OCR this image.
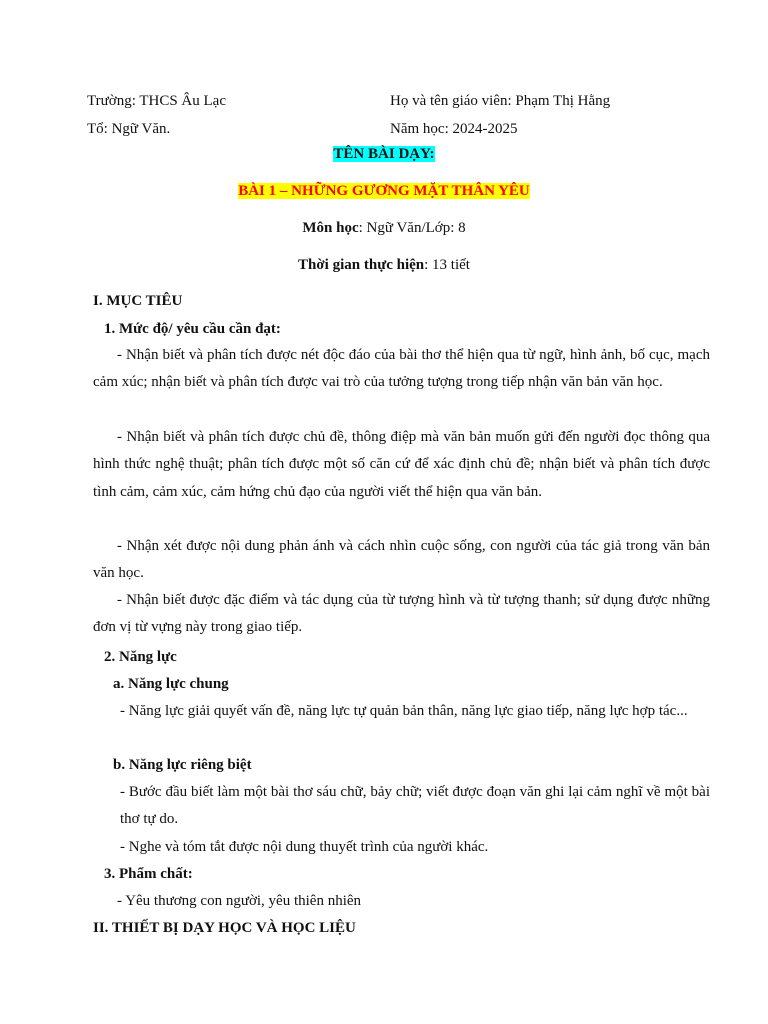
Trường: THCS Âu Lạc	Họ và tên giáo viên: Phạm Thị Hằng
Tổ: Ngữ Văn.	Năm học: 2024-2025
TÊN BÀI DẠY:
BÀI 1 – NHỮNG GƯƠNG MẶT THÂN YÊU
Môn học: Ngữ Văn/Lớp: 8
Thời gian thực hiện: 13 tiết
I. MỤC TIÊU
1. Mức độ/ yêu cầu cần đạt:
- Nhận biết và phân tích được nét độc đáo của bài thơ thể hiện qua từ ngữ, hình ảnh, bố cục, mạch cảm xúc; nhận biết và phân tích được vai trò của tưởng tượng trong tiếp nhận văn bản văn học.
- Nhận biết và phân tích được chủ đề, thông điệp mà văn bản muốn gửi đến người đọc thông qua hình thức nghệ thuật; phân tích được một số căn cứ để xác định chủ đề; nhận biết và phân tích được tình cảm, cảm xúc, cảm hứng chủ đạo của người viết thể hiện qua văn bản.
- Nhận xét được nội dung phản ánh và cách nhìn cuộc sống, con người của tác giả trong văn bản văn học.
- Nhận biết được đặc điểm và tác dụng của từ tượng hình và từ tượng thanh; sử dụng được những đơn vị từ vựng này trong giao tiếp.
2. Năng lực
a. Năng lực chung
- Năng lực giải quyết vấn đề, năng lực tự quản bản thân, năng lực giao tiếp, năng lực hợp tác...
b. Năng lực riêng biệt
- Bước đầu biết làm một bài thơ sáu chữ, bảy chữ; viết được đoạn văn ghi lại cảm nghĩ về một bài thơ tự do.
- Nghe và tóm tắt được nội dung thuyết trình của người khác.
3. Phẩm chất:
- Yêu thương con người, yêu thiên nhiên
II. THIẾT BỊ DẠY HỌC VÀ HỌC LIỆU
